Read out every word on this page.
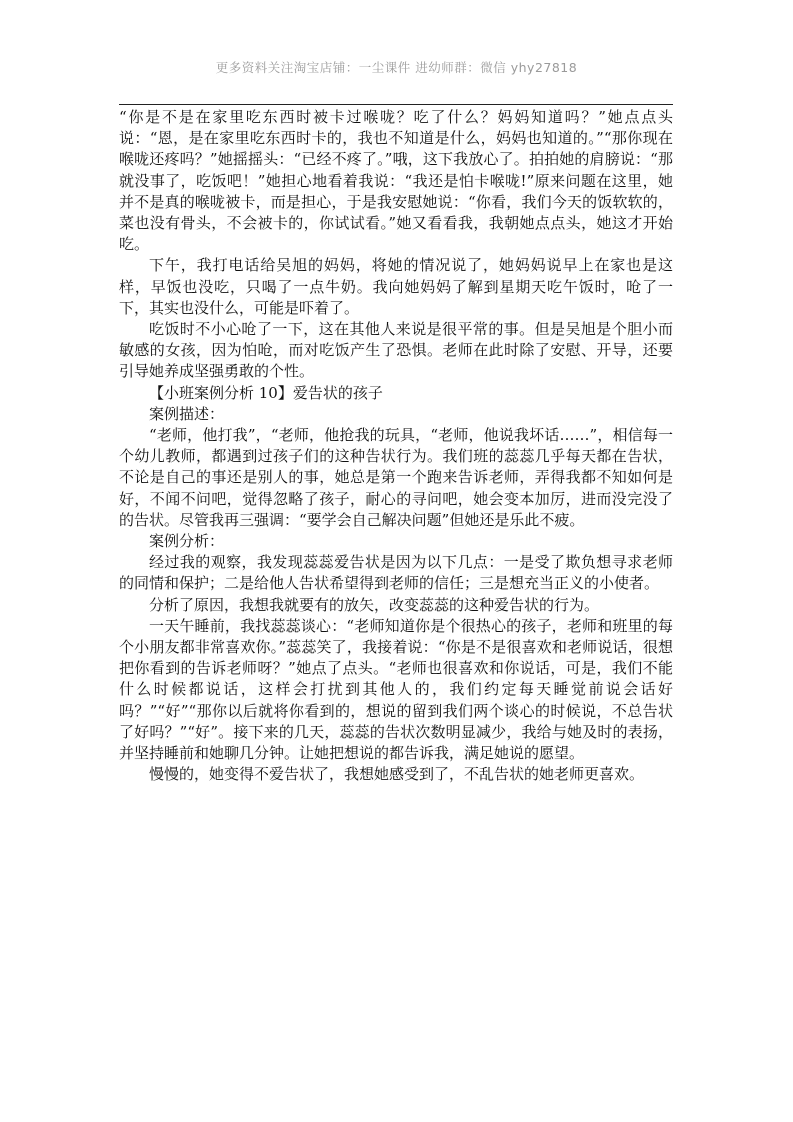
更多资料关注淘宝店铺：一尘课件 进幼师群：微信 yhy27818

“你是不是在家里吃东西时被卡过喉咙？吃了什么？妈妈知道吗？”她点点头说：“恩，是在家里吃东西时卡的，我也不知道是什么，妈妈也知道的。”“那你现在喉咙还疼吗？”她摇摇头：“已经不疼了。”哦，这下我放心了。拍拍她的肩膀说：“那就没事了，吃饭吧！”她担心地看着我说：“我还是怕卡喉咙!”原来问题在这里，她并不是真的喉咙被卡，而是担心，于是我安慰她说：“你看，我们今天的饭软软的，菜也没有骨头，不会被卡的，你试试看。”她又看看我，我朝她点点头，她这才开始吃。

下午，我打电话给吴旭的妈妈，将她的情况说了，她妈妈说早上在家也是这样，早饭也没吃，只喝了一点牛奶。我向她妈妈了解到星期天吃午饭时，呛了一下，其实也没什么，可能是吓着了。

吃饭时不小心呛了一下，这在其他人来说是很平常的事。但是吴旭是个胆小而敏感的女孩，因为怕呛，而对吃饭产生了恐惧。老师在此时除了安慰、开导，还要引导她养成坚强勇敢的个性。

【小班案例分析 10】爱告状的孩子

案例描述：

“老师，他打我”，“老师，他抢我的玩具，“老师，他说我坏话……”，相信每一个幼儿教师，都遇到过孩子们的这种告状行为。我们班的蕊蕊几乎每天都在告状，不论是自己的事还是别人的事，她总是第一个跑来告诉老师，弄得我都不知如何是好，不闻不问吧，觉得忽略了孩子，耐心的寻问吧，她会变本加厉，进而没完没了的告状。尽管我再三强调：“要学会自己解决问题”但她还是乐此不疲。

案例分析：

经过我的观察，我发现蕊蕊爱告状是因为以下几点：一是受了欺负想寻求老师的同情和保护；二是给他人告状希望得到老师的信任；三是想充当正义的小使者。

分析了原因，我想我就要有的放矢，改变蕊蕊的这种爱告状的行为。

一天午睡前，我找蕊蕊谈心：“老师知道你是个很热心的孩子，老师和班里的每个小朋友都非常喜欢你。”蕊蕊笑了，我接着说：“你是不是很喜欢和老师说话，很想把你看到的告诉老师呀？”她点了点头。“老师也很喜欢和你说话，可是，我们不能什么时候都说话，这样会打扰到其他人的，我们约定每天睡觉前说会话好吗？”“好”“那你以后就将你看到的，想说的留到我们两个谈心的时候说，不总告状了好吗？”“好”。接下来的几天，蕊蕊的告状次数明显减少，我给与她及时的表扬，并坚持睡前和她聊几分钟。让她把想说的都告诉我，满足她说的愿望。

慢慢的，她变得不爱告状了，我想她感受到了，不乱告状的她老师更喜欢。
